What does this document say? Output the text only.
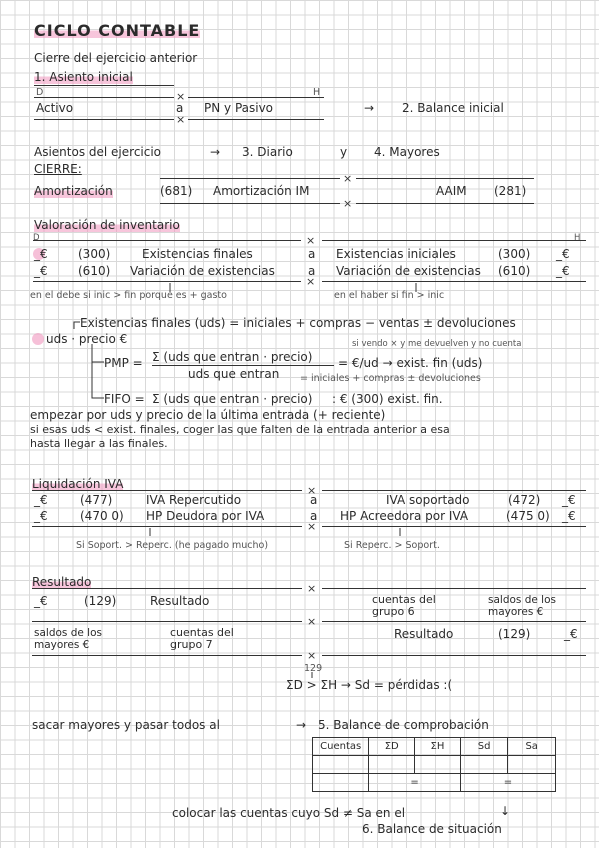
CICLO CONTABLE
Cierre del ejercicio anterior
1. Asiento inicial
D	H
×
Activo	a PN y Pasivo
×
→ 2. Balance inicial
Asientos del ejercicio	→ 3. Diario	y 4. Mayores
CIERRE:
×
Amortización	(681) Amortización IM	AAIM (281)
×
Valoración de inventario
D	H
×
_€	(300)	Existencias finales	a Existencias iniciales	(300) _€
_€	(610) Variación de existencias	a Variación de existencias (610) _€
×
en el debe si inic > fin porque es + gasto	en el haber si fin > inic
Existencias finales (uds) = iniciales + compras − ventas ± devoluciones
uds · precio €	si vendo × y me devuelven y no cuenta
PMP = Σ (uds que entran · precio)
uds que entran
= €/ud → exist. fin (uds)
= iniciales + compras ± devoluciones
FIFO = Σ (uds que entran · precio) : € (300) exist. fin.
empezar por uds y precio de la última entrada (+ reciente)
si esas uds < exist. finales, coger las que falten de la entrada anterior a esa
hasta llegar a las finales.
Liquidación IVA	×
_€	(477)	IVA Repercutido	a	IVA soportado	(472) _€
_€	(470 0) HP Deudora por IVA	a HP Acreedora por IVA	(475 0) _€
×
Si Soport. > Reperc. (he pagado mucho)	Si Reperc. > Soport.
Resultado	×
_€	(129)	Resultado	cuentas del grupo 6
saldos de los mayores €
×
saldos de los mayores €
cuentas del grupo 7
Resultado	(129)	_€
×
129
ΣD > ΣH → Sd = pérdidas :(
sacar mayores y pasar todos al	→ 5. Balance de comprobación
Cuentas	ΣD	ΣH	Sd	Sa

	=		=	
colocar las cuentas cuyo Sd ≠ Sa en el	↓
6. Balance de situación
